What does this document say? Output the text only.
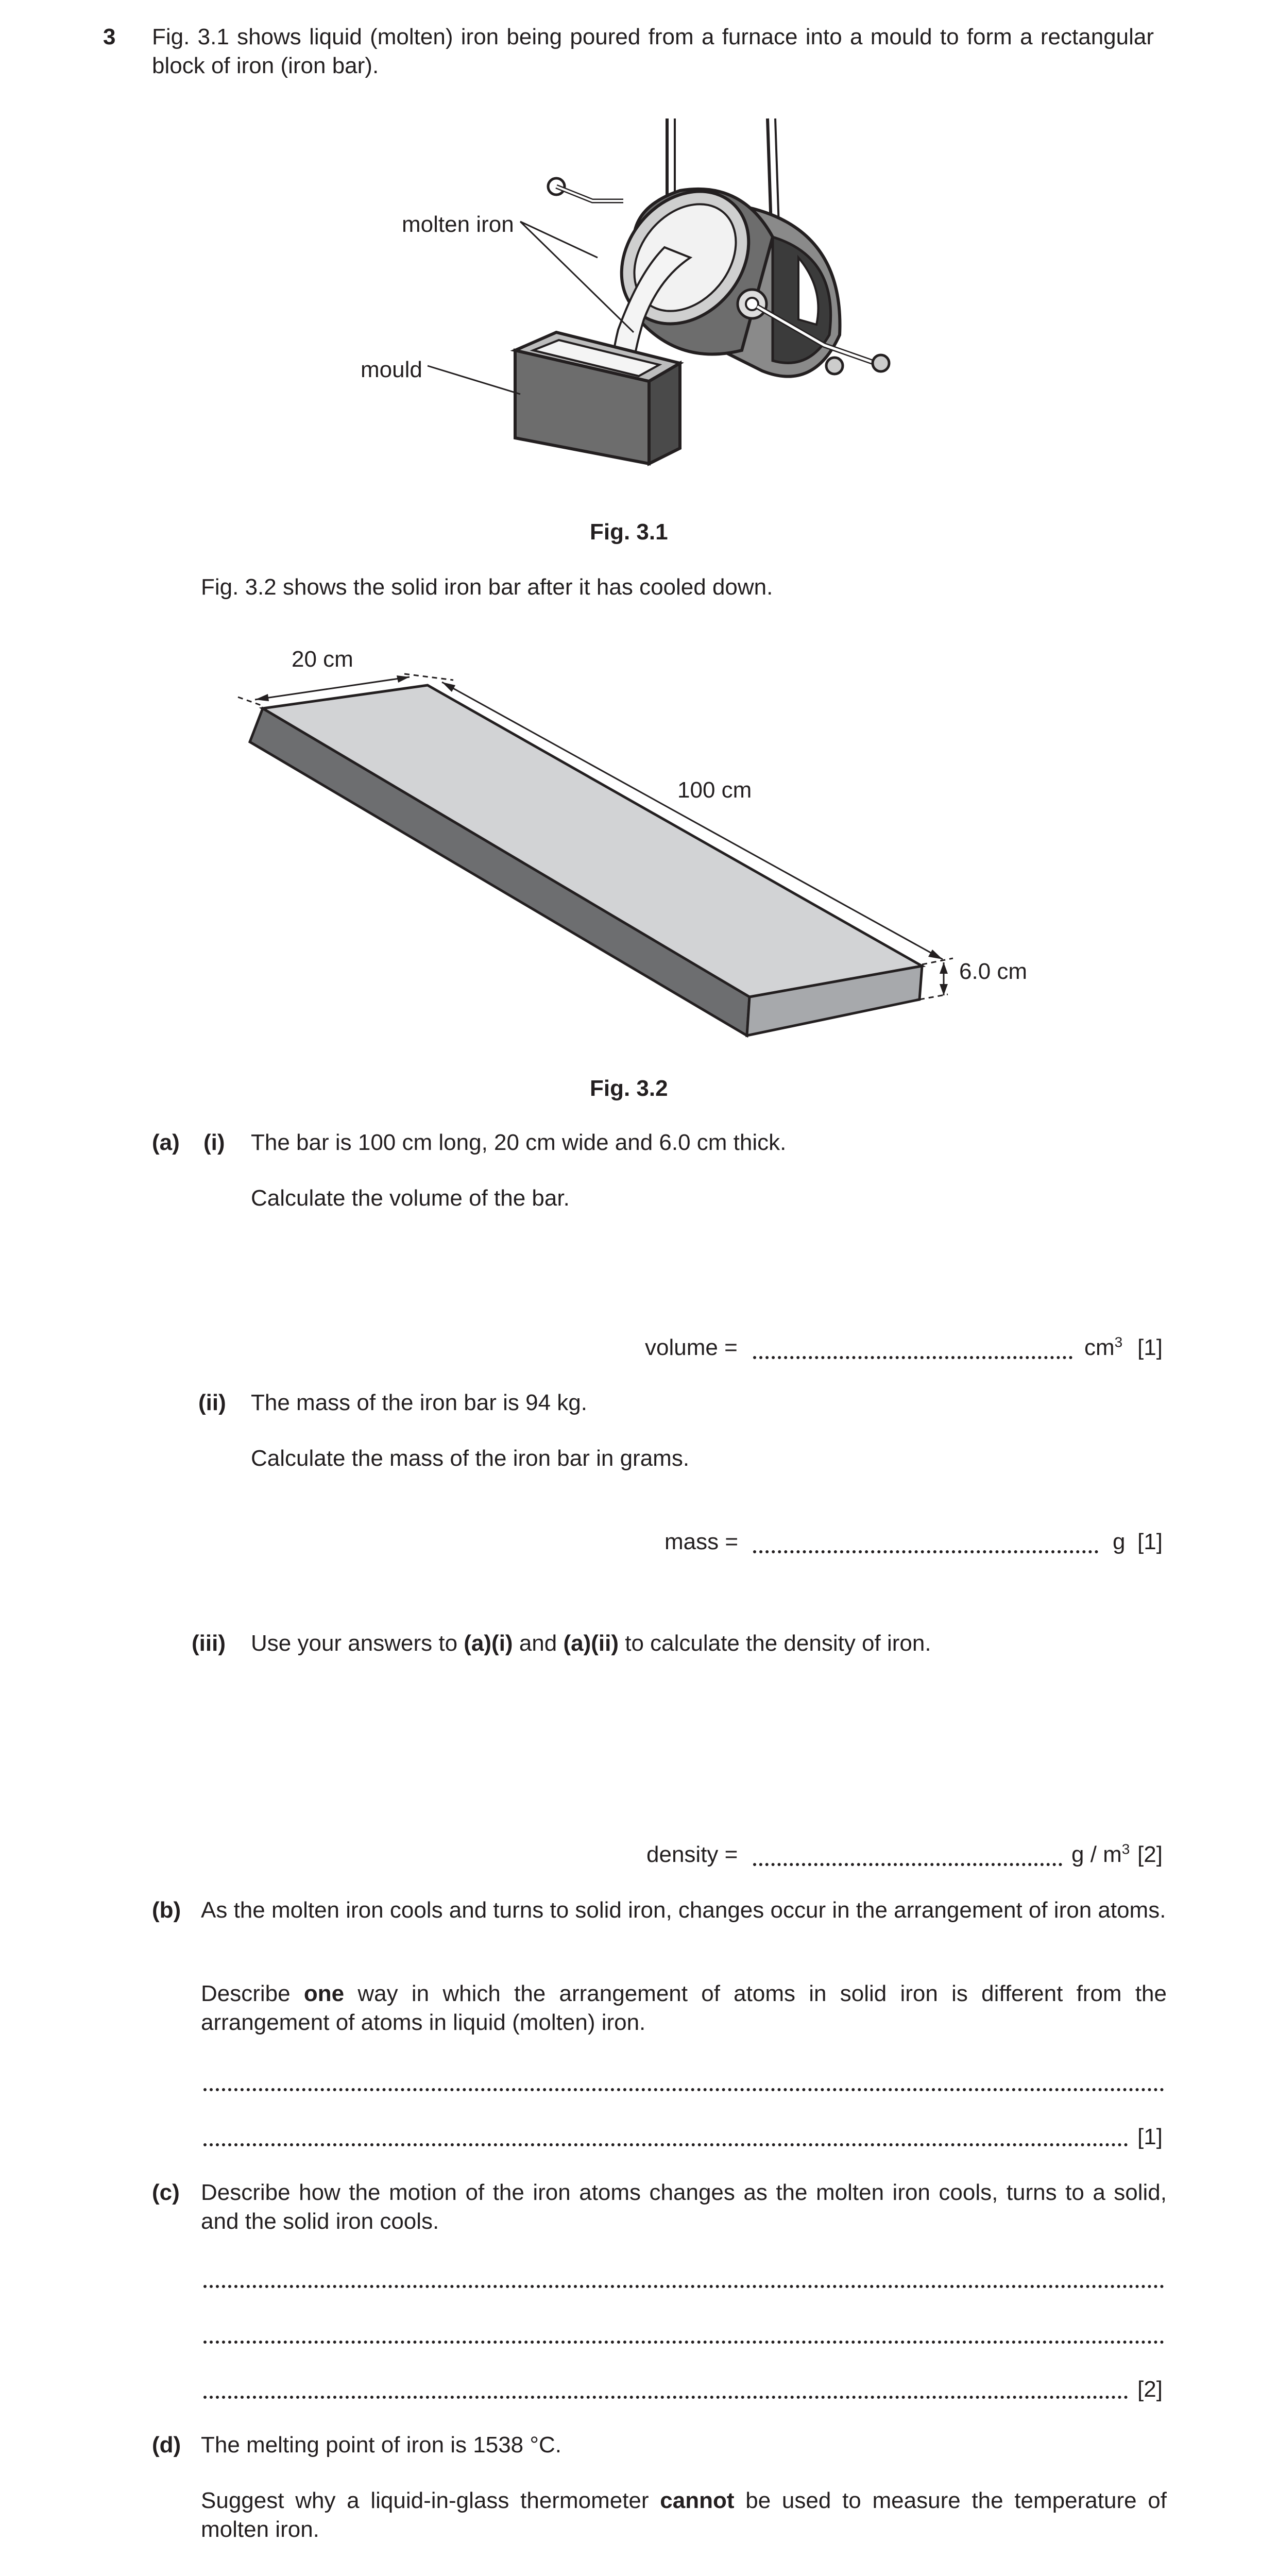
3 Fig. 3.1 shows liquid (molten) iron being poured from a furnace into a mould to form a rectangular block of iron (iron bar).
molten iron
mould
Fig. 3.1
Fig. 3.2 shows the solid iron bar after it has cooled down.
20 cm
100 cm
6.0 cm
Fig. 3.2
(a) (i) The bar is 100 cm long, 20 cm wide and 6.0 cm thick.
Calculate the volume of the bar.
volume =	$cm^3$ [1]
(ii) The mass of the iron bar is 94 kg.
Calculate the mass of the iron bar in grams.
mass =	g [1]
(iii) Use your answers to (a)(i) and (a)(ii) to calculate the density of iron.
density =	g / $m^3$ [2]
(b) As the molten iron cools and turns to solid iron, changes occur in the arrangement of iron atoms.
Describe one way in which the arrangement of atoms in solid iron is different from the arrangement of atoms in liquid (molten) iron.
[1]
(c) Describe how the motion of the iron atoms changes as the molten iron cools, turns to a solid, and the solid iron cools.
[2]
(d) The melting point of iron is 1538 °C.
Suggest why a liquid-in-glass thermometer cannot be used to measure the temperature of molten iron.
